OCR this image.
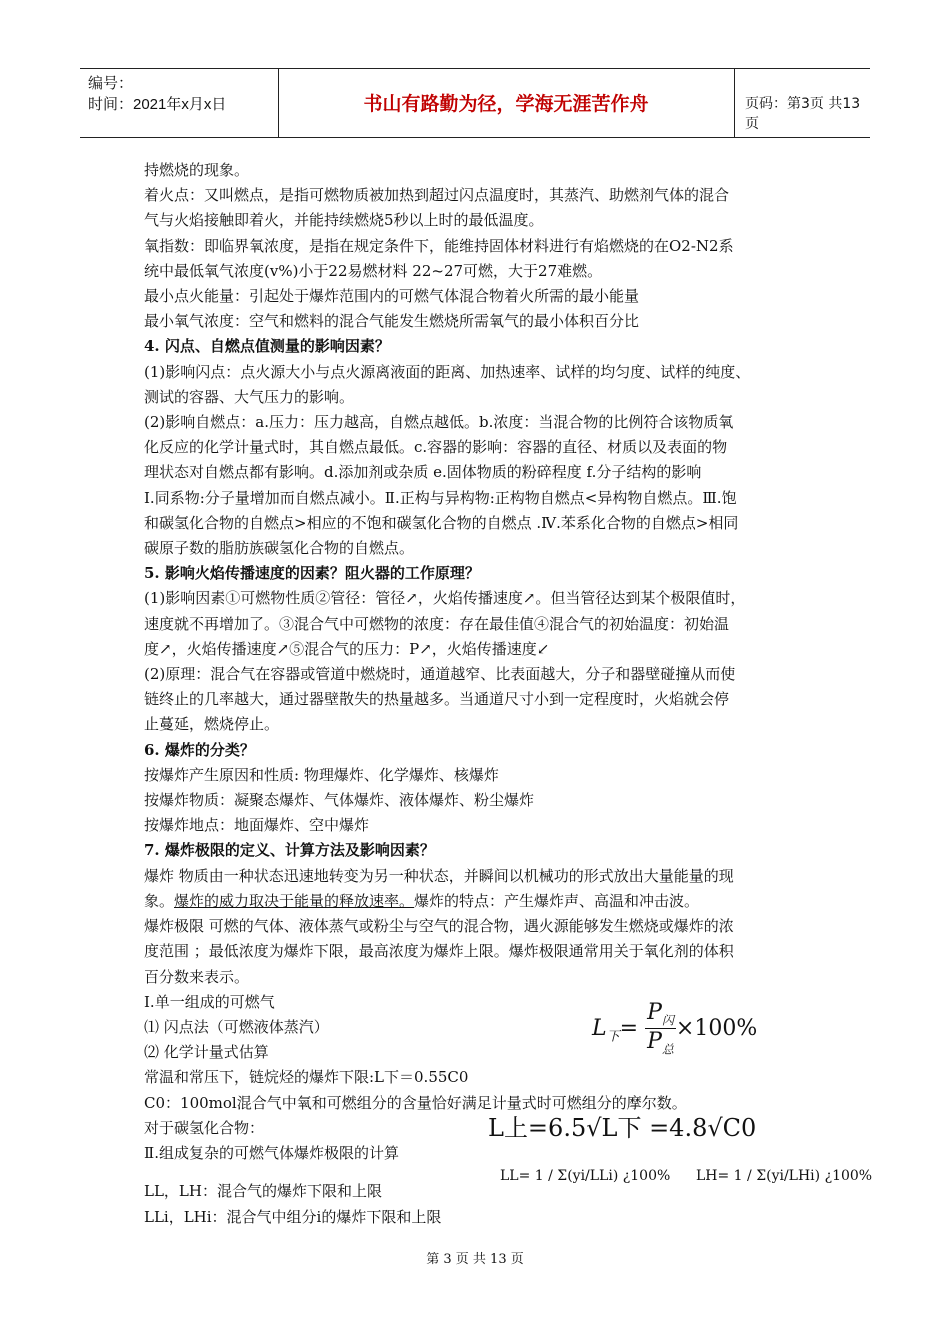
编号：
时间：2021年x月x日	书山有路勤为径，学海无涯苦作舟	页码：第3页 共13页

持燃烧的现象。

着火点：又叫燃点，是指可燃物质被加热到超过闪点温度时，其蒸汽、助燃剂气体的混合

气与火焰接触即着火，并能持续燃烧5秒以上时的最低温度。

氧指数：即临界氧浓度，是指在规定条件下，能维持固体材料进行有焰燃烧的在O2-N2系

统中最低氧气浓度(v%)小于22易燃材料 22~27可燃，大于27难燃。

最小点火能量：引起处于爆炸范围内的可燃气体混合物着火所需的最小能量

最小氧气浓度：空气和燃料的混合气能发生燃烧所需氧气的最小体积百分比

4. 闪点、自燃点值测量的影响因素？

(1)影响闪点：点火源大小与点火源离液面的距离、加热速率、试样的均匀度、试样的纯度、

测试的容器、大气压力的影响。

(2)影响自燃点：a.压力：压力越高，自燃点越低。b.浓度：当混合物的比例符合该物质氧

化反应的化学计量式时，其自燃点最低。c.容器的影响：容器的直径、材质以及表面的物

理状态对自燃点都有影响。d.添加剂或杂质 e.固体物质的粉碎程度 f.分子结构的影响

Ⅰ.同系物:分子量增加而自燃点减小。Ⅱ.正构与异构物:正构物自燃点<异构物自燃点。Ⅲ.饱

和碳氢化合物的自燃点>相应的不饱和碳氢化合物的自燃点 .Ⅳ.苯系化合物的自燃点>相同

碳原子数的脂肪族碳氢化合物的自燃点。

5. 影响火焰传播速度的因素？阻火器的工作原理？

(1)影响因素①可燃物性质②管径：管径↗，火焰传播速度↗。但当管径达到某个极限值时，

速度就不再增加了。③混合气中可燃物的浓度：存在最佳值④混合气的初始温度：初始温

度↗，火焰传播速度↗⑤混合气的压力：P↗，火焰传播速度↙

(2)原理：混合气在容器或管道中燃烧时，通道越窄、比表面越大，分子和器壁碰撞从而使

链终止的几率越大，通过器壁散失的热量越多。当通道尺寸小到一定程度时，火焰就会停

止蔓延，燃烧停止。

6. 爆炸的分类？

按爆炸产生原因和性质: 物理爆炸、化学爆炸、核爆炸

按爆炸物质：凝聚态爆炸、气体爆炸、液体爆炸、粉尘爆炸

按爆炸地点：地面爆炸、空中爆炸

7. 爆炸极限的定义、计算方法及影响因素？

爆炸 物质由一种状态迅速地转变为另一种状态，并瞬间以机械功的形式放出大量能量的现

象。爆炸的威力取决于能量的释放速率。爆炸的特点：产生爆炸声、高温和冲击波。

爆炸极限 可燃的气体、液体蒸气或粉尘与空气的混合物，遇火源能够发生燃烧或爆炸的浓

度范围 ；最低浓度为爆炸下限，最高浓度为爆炸上限。爆炸极限通常用关于氧化剂的体积

百分数来表示。

Ⅰ.单一组成的可燃气

⑴ 闪点法（可燃液体蒸汽）

⑵ 化学计量式估算

常温和常压下，链烷烃的爆炸下限:L下＝0.55C0

C0：100mol混合气中氧和可燃组分的含量恰好满足计量式时可燃组分的摩尔数。

对于碳氢化合物：

Ⅱ.组成复杂的可燃气体爆炸极限的计算

LL，LH：混合气的爆炸下限和上限
LLi，LHi：混合气中组分i的爆炸下限和上限
$L_下=$
$P_闪$
$P_总$
×100%
L上=6.5√L下 =4.8√C0
LL= 1 / Σ(yi/LLi) ¿100% LH= 1 / Σ(yi/LHi) ¿100%
第 3 页 共 13 页
